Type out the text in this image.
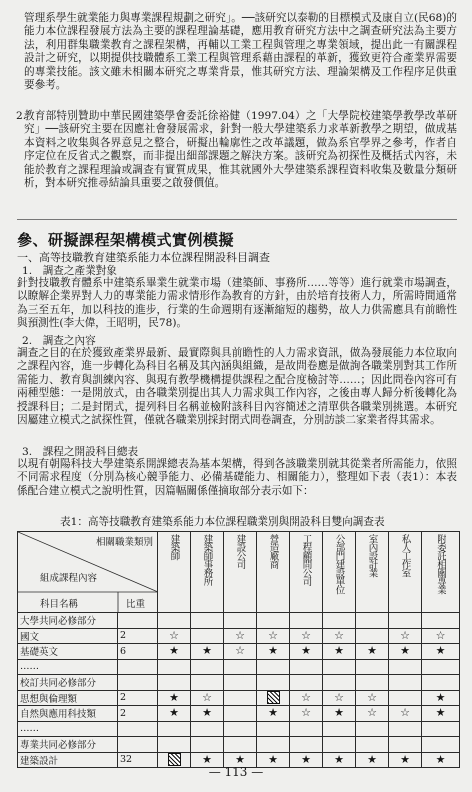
管理系學生就業能力與專業課程規劃之研究」。──該研究以泰勒的目標模式及康自立(民68)的能力本位課程發展方法為主要的課程理論基礎，應用教育研究方法中之調查研究法為主要方法，利用群集職業教育之課程架構，再輔以工業工程與管理之專業領域，提出此一有關課程設計之研究，以期提供技職體系工業工程與管理系藉由課程的革新，獲致更符合產業界需要的專業技能。該文雖未相關本研究之專業背景，惟其研究方法、理論架構及工作程序足供重要參考。
2.
教育部特別贊助中華民國建築學會委託徐裕健（1997.04）之「大學院校建築學教學改革研究」──該研究主要在因應社會發展需求，針對一般大學建築系力求革新教學之期望，做成基本資料之收集與各界意見之整合，研擬出輪廓性之改革議題，做為系官學界之參考，作者自序定位在反省式之觀察，而非提出細部課題之解決方案。該研究為初探性及概括式內容，未能於教育之課程理論或調查有實質成果，惟其就國外大學建築系課程資料收集及數量分類研析，對本研究推尋結論具重要之啟發價值。
參、研擬課程架構模式實例模擬
一、高等技職教育建築系能力本位課程開設科目調查
1.　調查之產業對象
針對技職教育體系中建築系畢業生就業市場（建築師、事務所……等等）進行就業市場調查，以瞭解企業界對人力的專業能力需求情形作為教育的方針，由於培育技術人力，所需時間通常為三至五年，加以科技的進步，行業的生命週期有逐漸縮短的趨勢，故人力供需應具有前瞻性與預測性(李大偉，王昭明，民78)。
2.　調查之內容
調查之目的在於獲致產業界最新、最實際與具前瞻性的人力需求資訊，做為發展能力本位取向之課程內容，進一步轉化為科目名稱及其內涵與組織，是故問卷應是做詢各職業別對其工作所需能力、教育與訓練內容、與現有教學機構提供課程之配合度檢討等……；因此問卷內容可有兩種型態：一是開放式，由各職業別提出其人力需求與工作內容，之後由專人歸分析後轉化為授課科目；二是封閉式，提列科目名稱並檢附該科目內容簡述之清單供各職業別挑選。本研究因屬建立模式之試探性質，僅就各職業別採封閉式問卷調查，分別訪談二家業者得其需求。
3.　課程之開設科目總表
以現有朝陽科技大學建築系開課總表為基本架構，得到各該職業別就其從業者所需能力，依照不同需求程度（分別為核心競爭能力、必備基礎能力、相關能力），整理如下表（表1）：本表係配合建立模式之說明性質，因篇幅關係僅摘取部分表示如下：
表1：高等技職教育建築系能力本位課程職業別與開設科目雙向調查表
相關職業類別
組成課程內容
科目名稱 比重		建築師	建築師事務所	建設公司	營造廠商	工程顧問公司	公部門建設單位	室內設計業	私人工作室	附委託相關專業

大學共同必修部分										
國文	2	☆		☆	☆	☆	☆		☆	☆
基礎英文	6	★	★	☆	★	★	★	★	★	★
……										
校訂共同必修部分										
思想與倫理類	2	★	☆			☆	☆	☆		★
自然與應用科技類	2	★	★		★	☆	★	☆	☆	★
……										
專業共同必修部分										
建築設計	32		★	★	★	★	★	★	★	★
— 113 —
